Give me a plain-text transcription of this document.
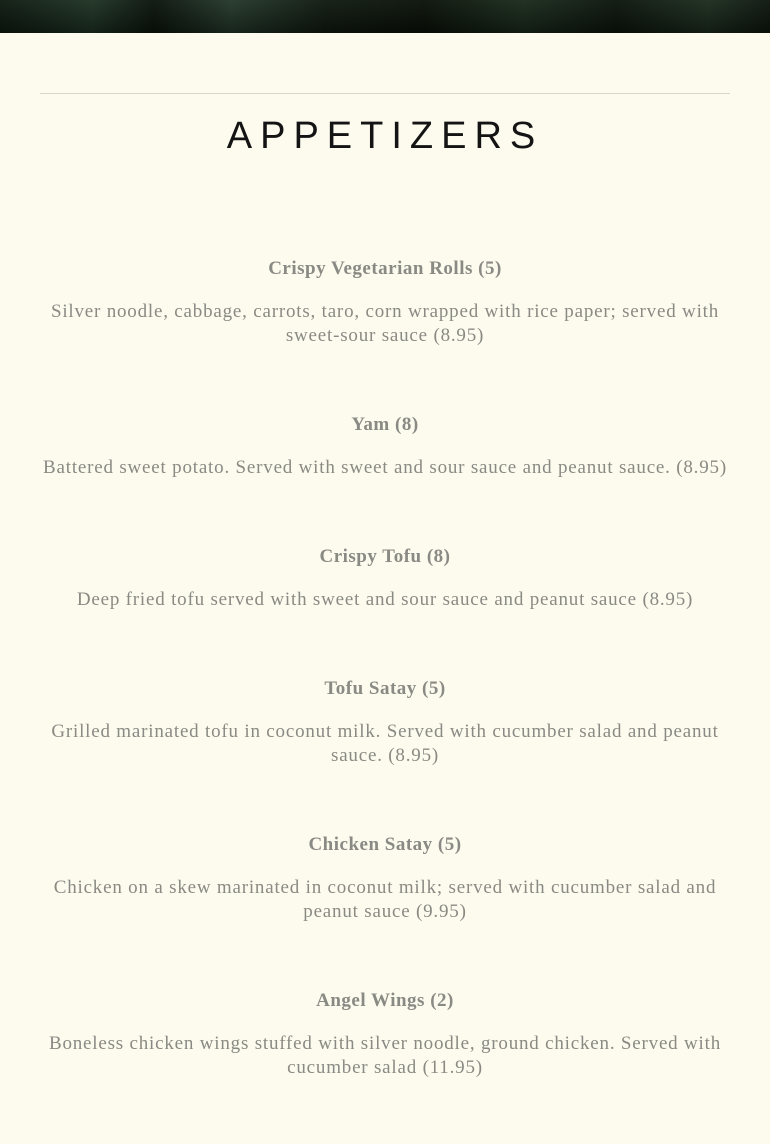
APPETIZERS

Crispy Vegetarian Rolls (5)

Silver noodle, cabbage, carrots, taro, corn wrapped with rice paper; served with sweet-sour sauce (8.95)

Yam (8)

Battered sweet potato. Served with sweet and sour sauce and peanut sauce. (8.95)

Crispy Tofu (8)

Deep fried tofu served with sweet and sour sauce and peanut sauce (8.95)

Tofu Satay (5)

Grilled marinated tofu in coconut milk. Served with cucumber salad and peanut sauce. (8.95)

Chicken Satay (5)

Chicken on a skew marinated in coconut milk; served with cucumber salad and peanut sauce (9.95)

Angel Wings (2)

Boneless chicken wings stuffed with silver noodle, ground chicken. Served with cucumber salad (11.95)
